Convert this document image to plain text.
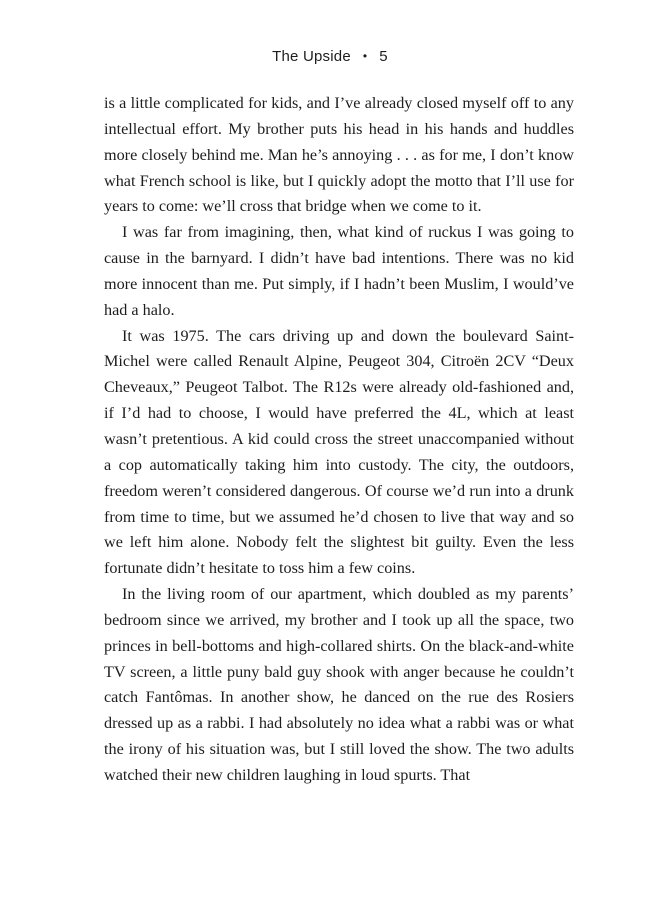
The Upside • 5

is a little complicated for kids, and I’ve already closed myself off to any intellectual effort. My brother puts his head in his hands and huddles more closely behind me. Man he’s annoying . . . as for me, I don’t know what French school is like, but I quickly adopt the motto that I’ll use for years to come: we’ll cross that bridge when we come to it.

I was far from imagining, then, what kind of ruckus I was going to cause in the barnyard. I didn’t have bad intentions. There was no kid more innocent than me. Put simply, if I hadn’t been Muslim, I would’ve had a halo.

It was 1975. The cars driving up and down the boulevard Saint-Michel were called Renault Alpine, Peugeot 304, Citroën 2CV “Deux Cheveaux,” Peugeot Talbot. The R12s were already old-fashioned and, if I’d had to choose, I would have preferred the 4L, which at least wasn’t pretentious. A kid could cross the street unaccompanied without a cop automatically taking him into custody. The city, the outdoors, freedom weren’t considered dangerous. Of course we’d run into a drunk from time to time, but we assumed he’d chosen to live that way and so we left him alone. Nobody felt the slightest bit guilty. Even the less fortunate didn’t hesitate to toss him a few coins.

In the living room of our apartment, which doubled as my parents’ bedroom since we arrived, my brother and I took up all the space, two princes in bell-bottoms and high-collared shirts. On the black-and-white TV screen, a little puny bald guy shook with anger because he couldn’t catch Fantômas. In another show, he danced on the rue des Rosiers dressed up as a rabbi. I had absolutely no idea what a rabbi was or what the irony of his situation was, but I still loved the show. The two adults watched their new children laughing in loud spurts. That
